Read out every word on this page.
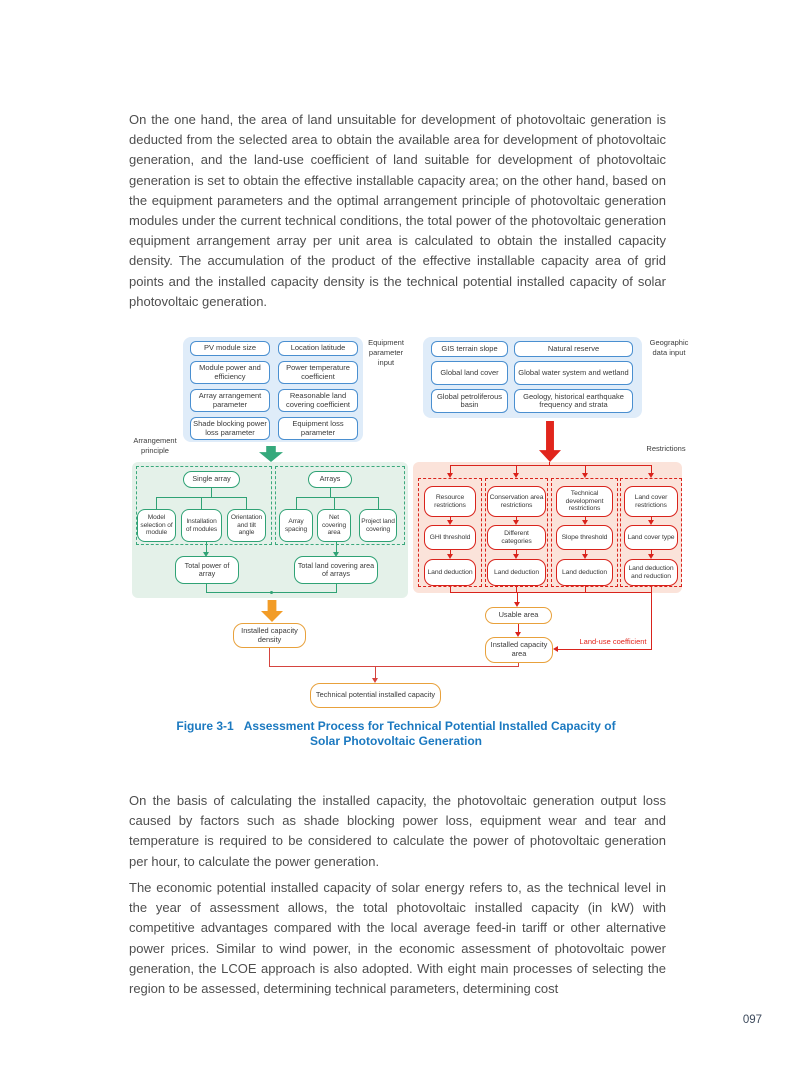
On the one hand, the area of land unsuitable for development of photovoltaic generation is deducted from the selected area to obtain the available area for development of photovoltaic generation, and the land-use coefficient of land suitable for development of photovoltaic generation is set to obtain the effective installable capacity area; on the other hand, based on the equipment parameters and the optimal arrangement principle of photovoltaic generation modules under the current technical conditions, the total power of the photovoltaic generation equipment arrangement array per unit area is calculated to obtain the installed capacity density. The accumulation of the product of the effective installable capacity area of grid points and the installed capacity density is the technical potential installed capacity of solar photovoltaic generation.
On the basis of calculating the installed capacity, the photovoltaic generation output loss caused by factors such as shade blocking power loss, equipment wear and tear and temperature is required to be considered to calculate the power of photovoltaic generation per hour, to calculate the power generation.
The economic potential installed capacity of solar energy refers to, as the technical level in the year of assessment allows, the total photovoltaic installed capacity (in kW) with competitive advantages compared with the local average feed-in tariff or other alternative power prices. Similar to wind power, in the economic assessment of photovoltaic power generation, the LCOE approach is also adopted. With eight main processes of selecting the region to be assessed, determining technical parameters, determining cost
PV module size	Location latitude
Module power and efficiency
Power temperature coefficient
Array arrangement parameter
Reasonable land covering coefficient
Shade blocking power loss parameter
Equipment loss parameter
GIS terrain slope	Natural reserve
Global land cover	Global water system and wetland
Global petroliferous basin
Geology, historical earthquake frequency and strata
Equipment parameter input
Geographic data input
Arrangement principle	Restrictions
Single array	Arrays
Model selection of module
Installation of modules
Orientation and tilt angle
Array spacing
Net covering area
Project land covering
Total power of array
Total land covering area of arrays
Resource restrictions
GHI threshold
Land deduction
Conservation area restrictions
Different categories
Land deduction
Technical development restrictions
Slope threshold
Land deduction
Land cover restrictions
Land cover type
Land deduction and reduction
Land-use coefficient
Usable area
Installed capacity area
Installed capacity density
Technical potential installed capacity
Figure 3-1 Assessment Process for Technical Potential Installed Capacity of
Solar Photovoltaic Generation
097
